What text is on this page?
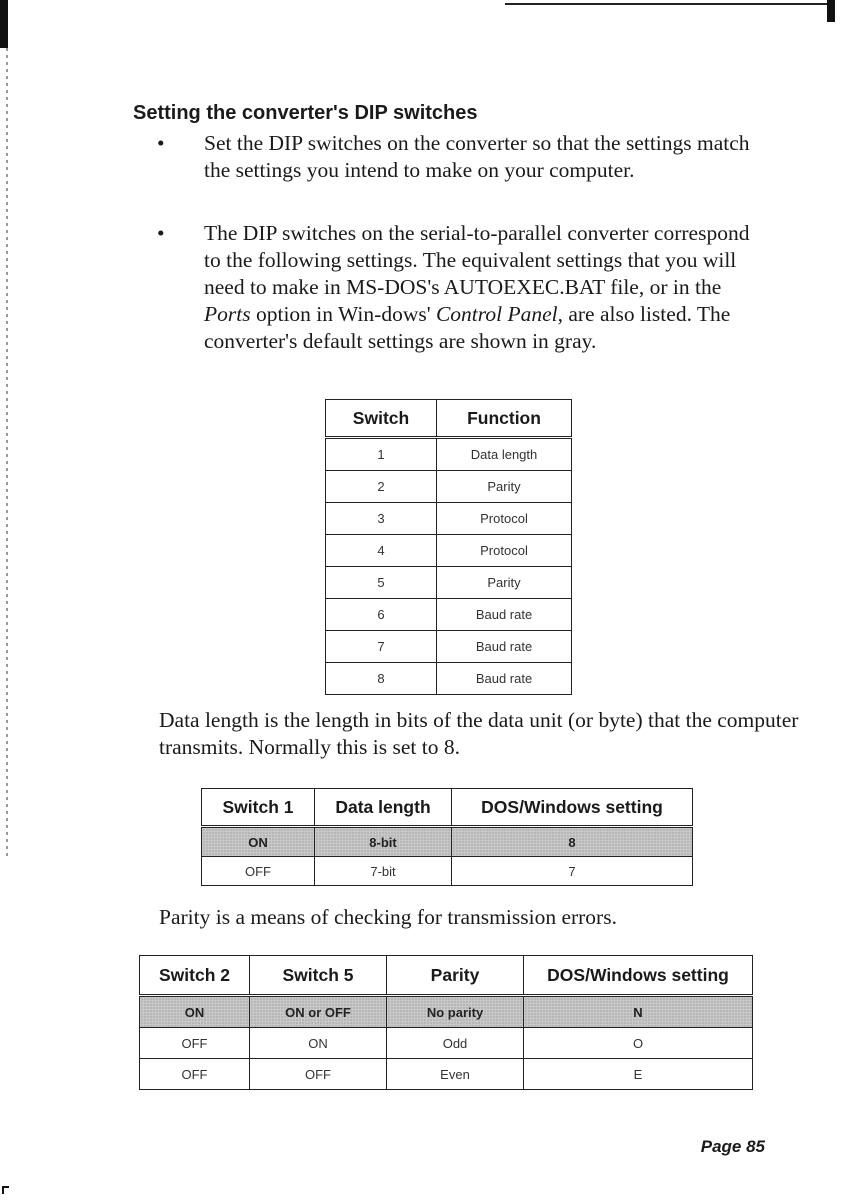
Setting the converter's DIP switches

•	Set the DIP switches on the converter so that the settings match the settings you intend to make on your computer.

•	The DIP switches on the serial-to-parallel converter correspond to the following settings. The equivalent settings that you will need to make in MS-DOS's AUTOEXEC.BAT file, or in the Ports option in Win-dows' Control Panel, are also listed. The converter's default settings are shown in gray.

Switch	Function
1	Data length
2	Parity
3	Protocol
4	Protocol
5	Parity
6	Baud rate
7	Baud rate
8	Baud rate

Data length is the length in bits of the data unit (or byte) that the computer transmits. Normally this is set to 8.

Switch 1	Data length	DOS/Windows setting
ON	8-bit	8
OFF	7-bit	7

Parity is a means of checking for transmission errors.

Switch 2	Switch 5	Parity	DOS/Windows setting
ON	ON or OFF	No parity	N
OFF	ON	Odd	O
OFF	OFF	Even	E
Page 85
